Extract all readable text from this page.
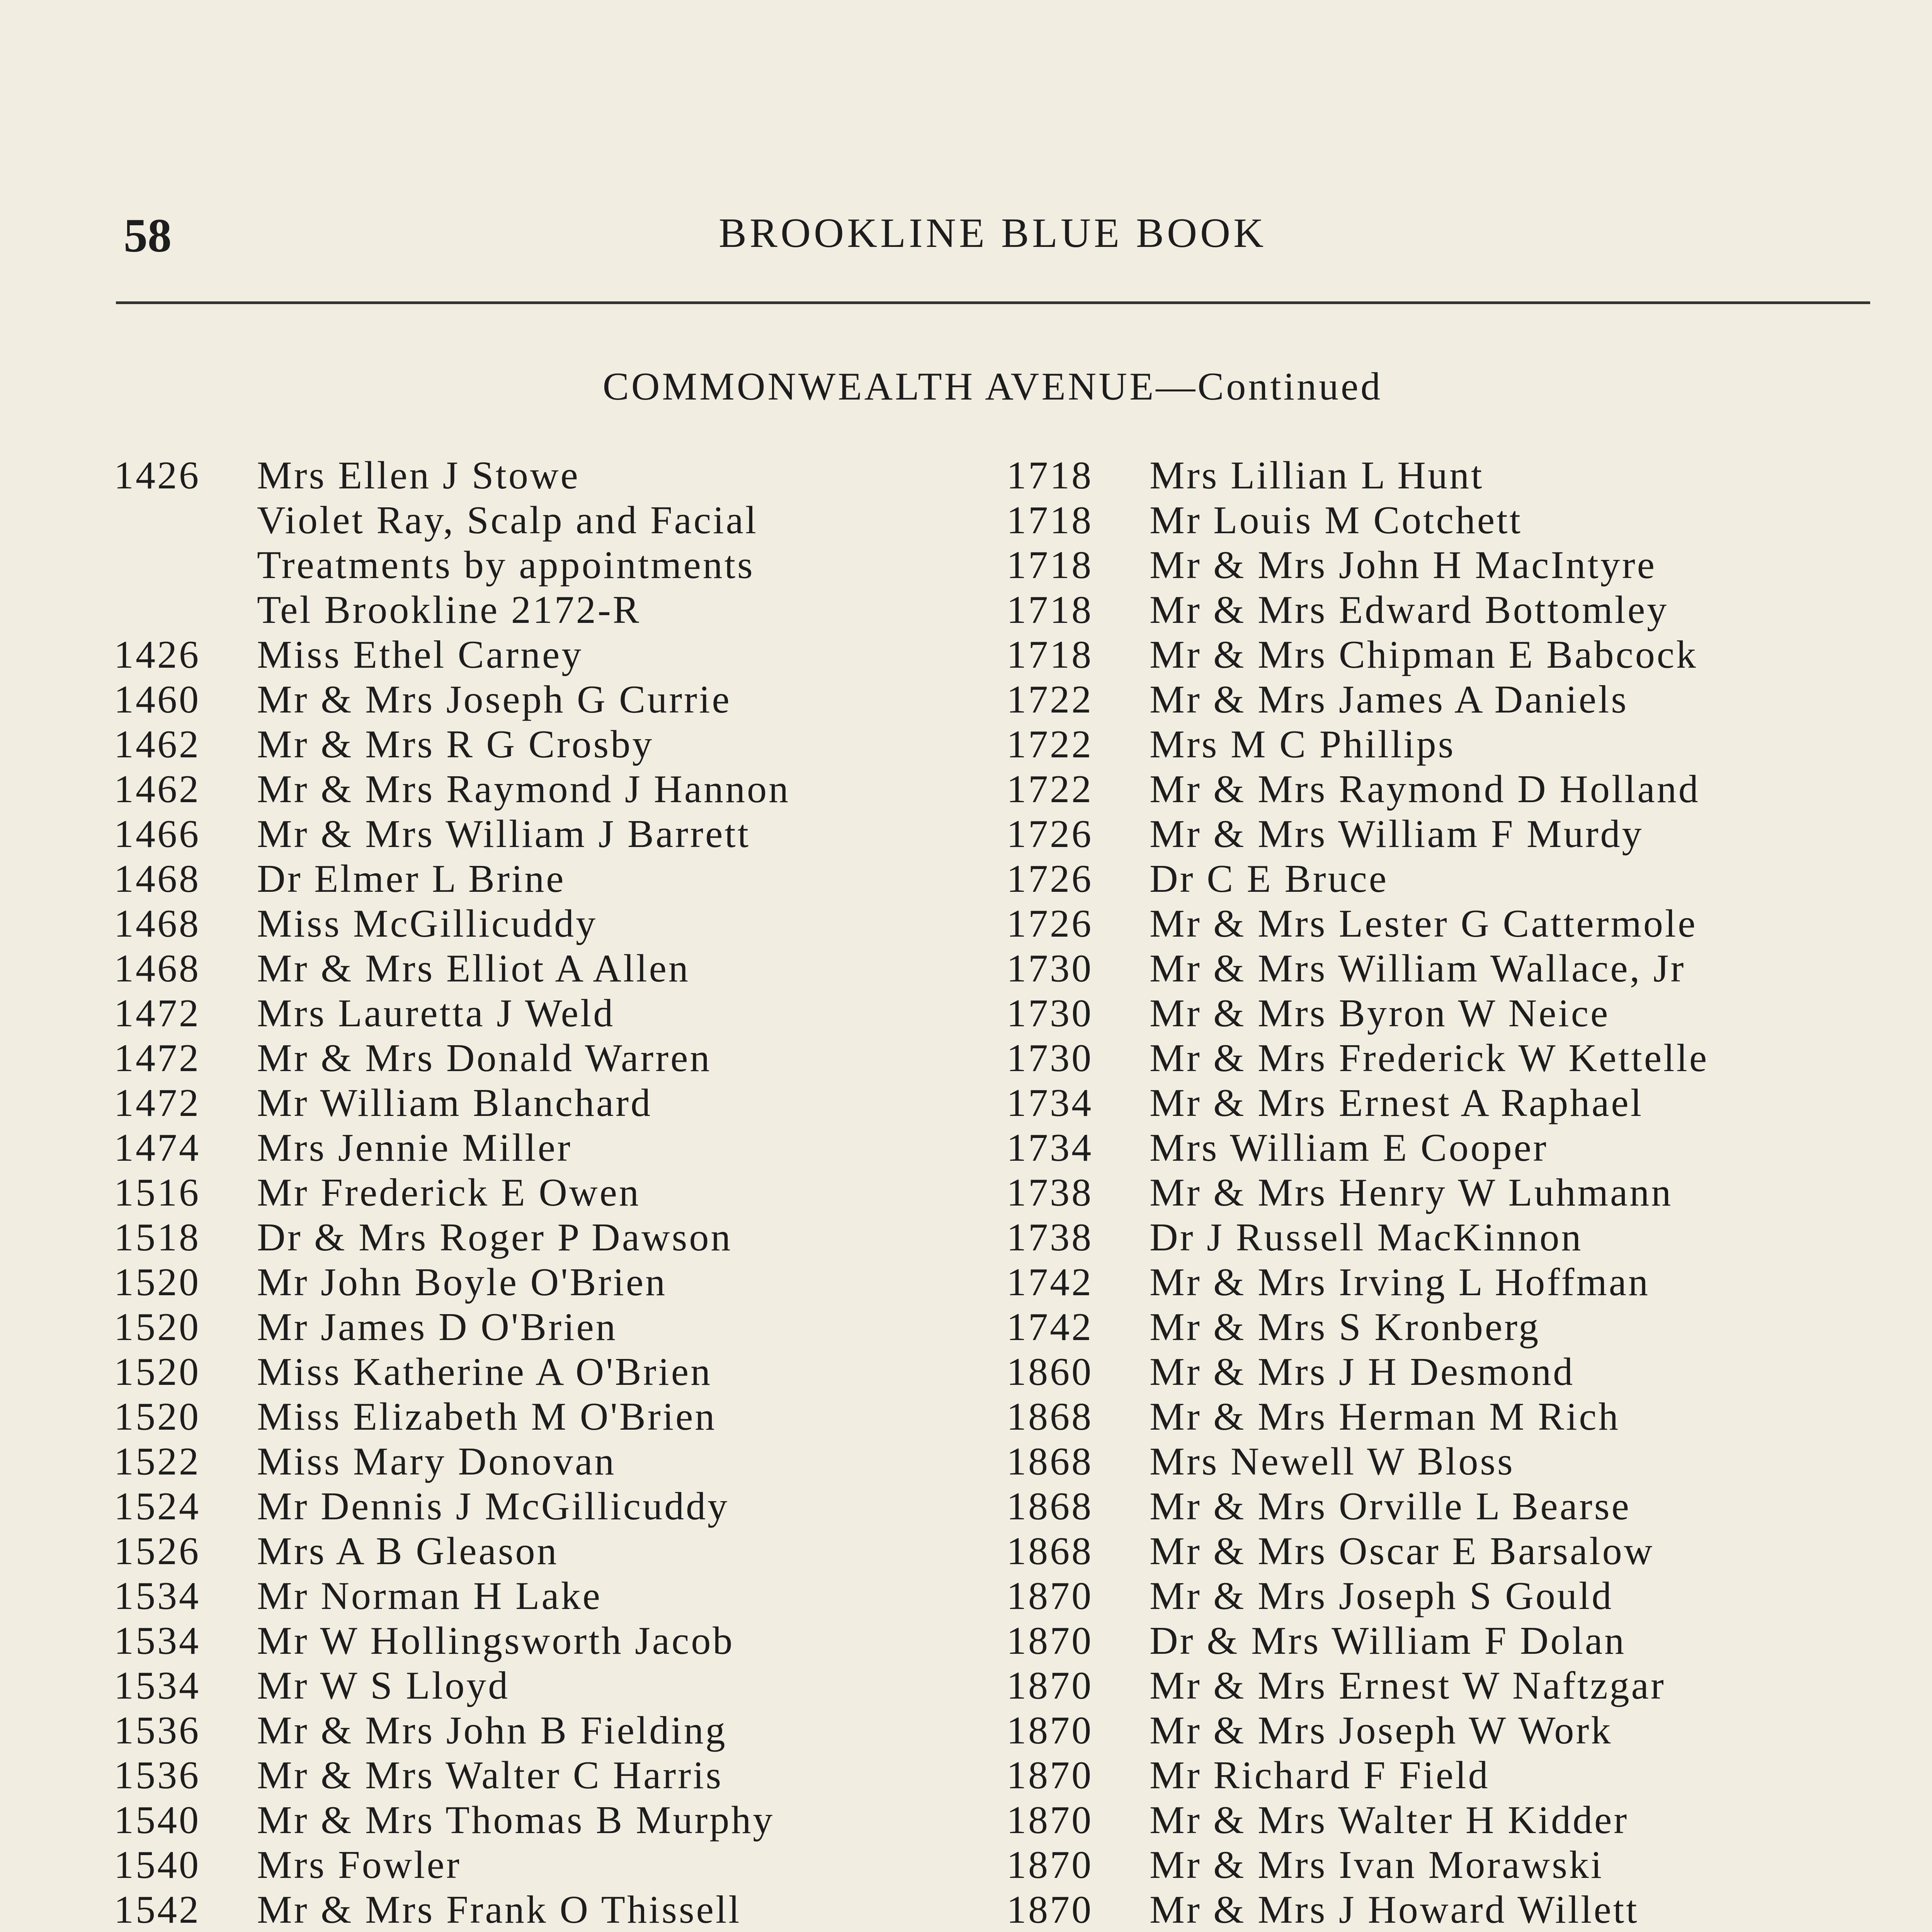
58	BROOKLINE BLUE BOOK
COMMONWEALTH AVENUE—Continued
1426	Mrs Ellen J Stowe
Violet Ray, Scalp and Facial
Treatments by appointments
Tel Brookline 2172-R
1426	Miss Ethel Carney
1460	Mr & Mrs Joseph G Currie
1462	Mr & Mrs R G Crosby
1462	Mr & Mrs Raymond J Hannon
1466	Mr & Mrs William J Barrett
1468	Dr Elmer L Brine
1468	Miss McGillicuddy
1468	Mr & Mrs Elliot A Allen
1472	Mrs Lauretta J Weld
1472	Mr & Mrs Donald Warren
1472	Mr William Blanchard
1474	Mrs Jennie Miller
1516	Mr Frederick E Owen
1518	Dr & Mrs Roger P Dawson
1520	Mr John Boyle O'Brien
1520	Mr James D O'Brien
1520	Miss Katherine A O'Brien
1520	Miss Elizabeth M O'Brien
1522	Miss Mary Donovan
1524	Mr Dennis J McGillicuddy
1526	Mrs A B Gleason
1534	Mr Norman H Lake
1534	Mr W Hollingsworth Jacob
1534	Mr W S Lloyd
1536	Mr & Mrs John B Fielding
1536	Mr & Mrs Walter C Harris
1540	Mr & Mrs Thomas B Murphy
1540	Mrs Fowler
1542	Mr & Mrs Frank O Thissell
1718	Mrs Lillian L Hunt
1718	Mr Louis M Cotchett
1718	Mr & Mrs John H MacIntyre
1718	Mr & Mrs Edward Bottomley
1718	Mr & Mrs Chipman E Babcock
1722	Mr & Mrs James A Daniels
1722	Mrs M C Phillips
1722	Mr & Mrs Raymond D Holland
1726	Mr & Mrs William F Murdy
1726	Dr C E Bruce
1726	Mr & Mrs Lester G Cattermole
1730	Mr & Mrs William Wallace, Jr
1730	Mr & Mrs Byron W Neice
1730	Mr & Mrs Frederick W Kettelle
1734	Mr & Mrs Ernest A Raphael
1734	Mrs William E Cooper
1738	Mr & Mrs Henry W Luhmann
1738	Dr J Russell MacKinnon
1742	Mr & Mrs Irving L Hoffman
1742	Mr & Mrs S Kronberg
1860	Mr & Mrs J H Desmond
1868	Mr & Mrs Herman M Rich
1868	Mrs Newell W Bloss
1868	Mr & Mrs Orville L Bearse
1868	Mr & Mrs Oscar E Barsalow
1870	Mr & Mrs Joseph S Gould
1870	Dr & Mrs William F Dolan
1870	Mr & Mrs Ernest W Naftzgar
1870	Mr & Mrs Joseph W Work
1870	Mr Richard F Field
1870	Mr & Mrs Walter H Kidder
1870	Mr & Mrs Ivan Morawski
1870	Mr & Mrs J Howard Willett
